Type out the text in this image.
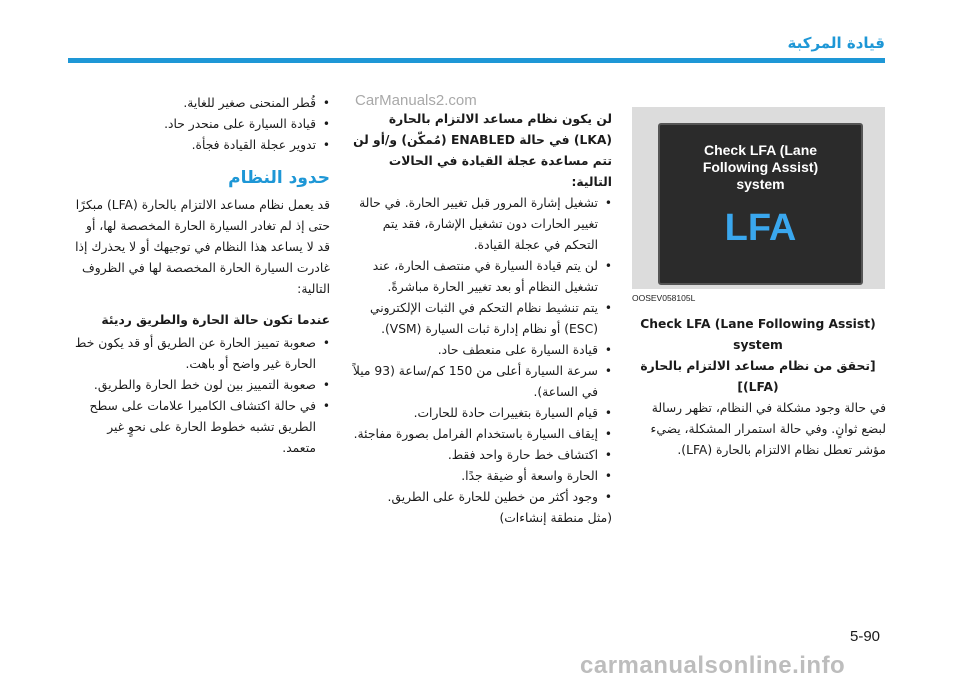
قيادة المركبة
Check LFA (Lane
Following Assist)
system
LFA
OOSEV058105L

Check LFA (Lane Following Assist) system

[تحقق من نظام مساعد الالتزام بالحارة (LFA)]

في حالة وجود مشكلة في النظام، تظهر رسالة لبضع ثوانٍ. وفي حالة استمرار المشكلة، يضيء مؤشر تعطل نظام الالتزام بالحارة (LFA).

لن يكون نظام مساعد الالتزام بالحارة (LKA) في حالة ENABLED (مُمكّن) و/أو لن تتم مساعدة عجلة القيادة في الحالات التالية:

• تشغيل إشارة المرور قبل تغيير الحارة. في حالة تغيير الحارات دون تشغيل الإشارة، فقد يتم التحكم في عجلة القيادة.
• لن يتم قيادة السيارة في منتصف الحارة، عند تشغيل النظام أو بعد تغيير الحارة مباشرةً.
• يتم تنشيط نظام التحكم في الثبات الإلكتروني (ESC) أو نظام إدارة ثبات السيارة (VSM).
• قيادة السيارة على منعطف حاد.
• سرعة السيارة أعلى من 150 كم/ساعة (93 ميلاً في الساعة).
• قيام السيارة بتغييرات حادة للحارات.
• إيقاف السيارة باستخدام الفرامل بصورة مفاجئة.
• اكتشاف خط حارة واحد فقط.
• الحارة واسعة أو ضيقة جدًا.
• وجود أكثر من خطين للحارة على الطريق.

(مثل منطقة إنشاءات)

• قُطر المنحنى صغير للغاية.
• قيادة السيارة على منحدر حاد.
• تدوير عجلة القيادة فجأة.
حدود النظام

قد يعمل نظام مساعد الالتزام بالحارة (LFA) مبكرًا حتى إذ لم تغادر السيارة الحارة المخصصة لها، أو قد لا يساعد هذا النظام في توجيهك أو لا يحذرك إذا غادرت السيارة الحارة المخصصة لها في الظروف التالية:

عندما تكون حالة الحارة والطريق رديئة
• صعوبة تمييز الحارة عن الطريق أو قد يكون خط الحارة غير واضح أو باهت.
• صعوبة التمييز بين لون خط الحارة والطريق.
• في حالة اكتشاف الكاميرا علامات على سطح الطريق تشبه خطوط الحارة على نحوٍ غير متعمد.
CarManuals2.com
5-90
carmanualsonline.info
